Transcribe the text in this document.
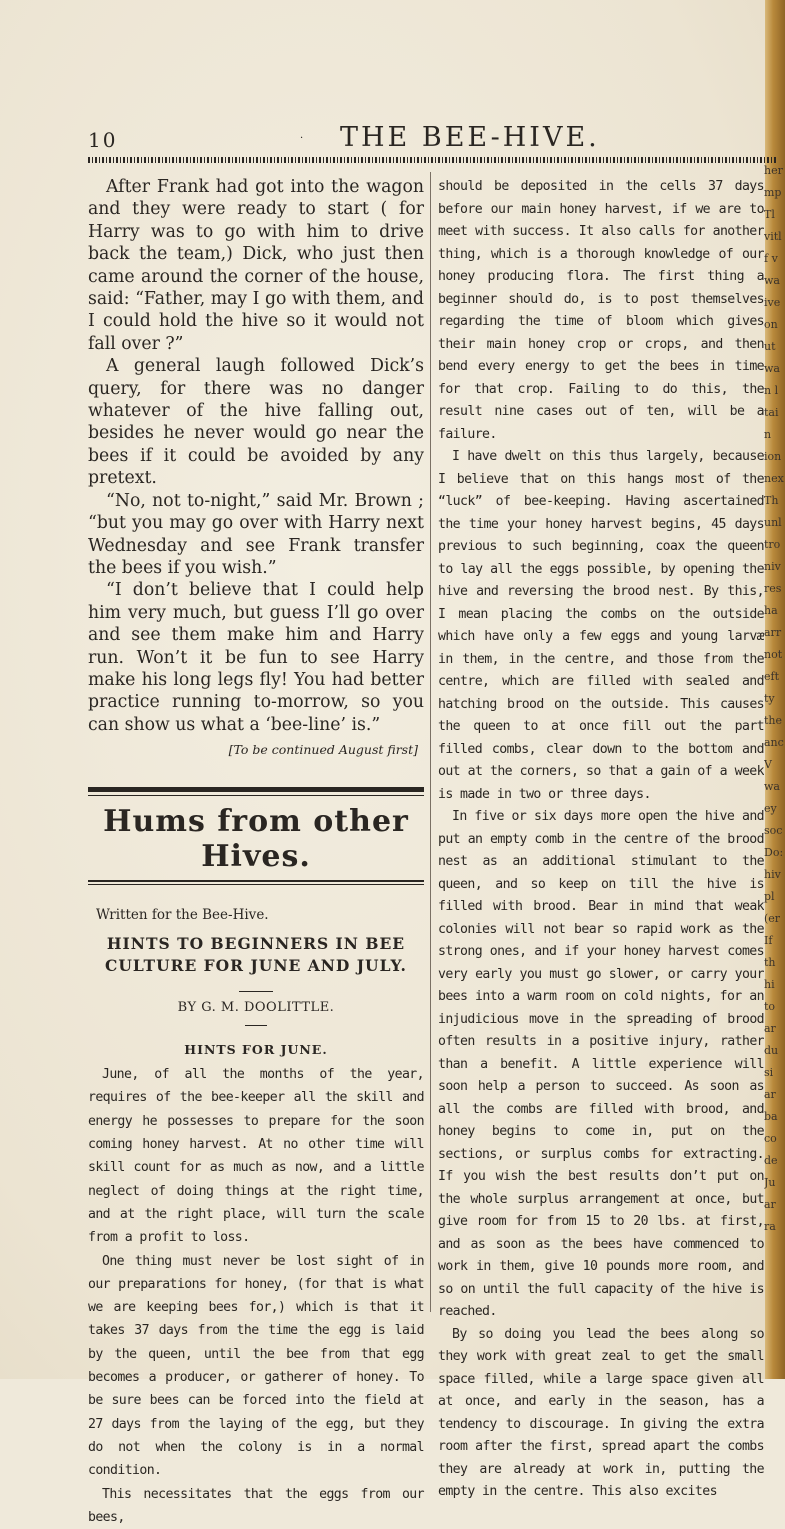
10	· THE BEE-HIVE.

After Frank had got into the wagon and they were ready to start ( for Harry was to go with him to drive back the team,) Dick, who just then came around the corner of the house, said: “Father, may I go with them, and I could hold the hive so it would not fall over ?”

A general laugh followed Dick’s query, for there was no danger whatever of the hive falling out, besides he never would go near the bees if it could be avoided by any pretext.

“No, not to-night,” said Mr. Brown ; “but you may go over with Harry next Wednesday and see Frank transfer the bees if you wish.”

“I don’t believe that I could help him very much, but guess I’ll go over and see them make him and Harry run. Won’t it be fun to see Harry make his long legs fly! You had better practice running to-morrow, so you can show us what a ‘bee-line’ is.”

[To be continued August first]
Hums from other Hives.
Written for the Bee-Hive.
HINTS TO BEGINNERS IN BEE CULTURE FOR JUNE AND JULY.
BY G. M. DOOLITTLE.
HINTS FOR JUNE.

June, of all the months of the year, requires of the bee-keeper all the skill and energy he possesses to prepare for the soon coming honey harvest. At no other time will skill count for as much as now, and a little neglect of doing things at the right time, and at the right place, will turn the scale from a profit to loss.

One thing must never be lost sight of in our preparations for honey, (for that is what we are keeping bees for,) which is that it takes 37 days from the time the egg is laid by the queen, until the bee from that egg becomes a producer, or gatherer of honey. To be sure bees can be forced into the field at 27 days from the laying of the egg, but they do not when the colony is in a normal condition.

This necessitates that the eggs from our bees,

should be deposited in the cells 37 days before our main honey harvest, if we are to meet with success. It also calls for another thing, which is a thorough knowledge of our honey producing flora. The first thing a beginner should do, is to post themselves regarding the time of bloom which gives their main honey crop or crops, and then bend every energy to get the bees in time for that crop. Failing to do this, the result nine cases out of ten, will be a failure.

I have dwelt on this thus largely, because I believe that on this hangs most of the “luck” of bee-keeping. Having ascertained the time your honey harvest begins, 45 days previous to such beginning, coax the queen to lay all the eggs possible, by opening the hive and reversing the brood nest. By this, I mean placing the combs on the outside which have only a few eggs and young larvæ in them, in the centre, and those from the centre, which are filled with sealed and hatching brood on the outside. This causes the queen to at once fill out the part filled combs, clear down to the bottom and out at the corners, so that a gain of a week is made in two or three days.

In five or six days more open the hive and put an empty comb in the centre of the brood nest as an additional stimulant to the queen, and so keep on till the hive is filled with brood. Bear in mind that weak colonies will not bear so rapid work as the strong ones, and if your honey harvest comes very early you must go slower, or carry your bees into a warm room on cold nights, for an injudicious move in the spreading of brood often results in a positive injury, rather than a benefit. A little experience will soon help a person to succeed. As soon as all the combs are filled with brood, and honey begins to come in, put on the sections, or surplus combs for extracting. If you wish the best results don’t put on the whole surplus arrangement at once, but give room for from 15 to 20 lbs. at first, and as soon as the bees have commenced to work in them, give 10 pounds more room, and so on until the full capacity of the hive is reached.

By so doing you lead the bees along so they work with great zeal to get the small space filled, while a large space given all at once, and early in the season, has a tendency to discourage. In giving the extra room after the first, spread apart the combs they are already at work in, putting the empty in the centre. This also excites

her
mp
Tl
vitl
f v
wa
ive
on
ut
wa
n l
tai
n
ion
nex
Th
unl
tro
niv
res
ha
arr
not
eft
ty
the
anc
V
wa
ey
soc
Do:
hiv
pl
(er
If
th
hi
to
ar
du
si
ar
ba
co
de
Ju
ar
ra
